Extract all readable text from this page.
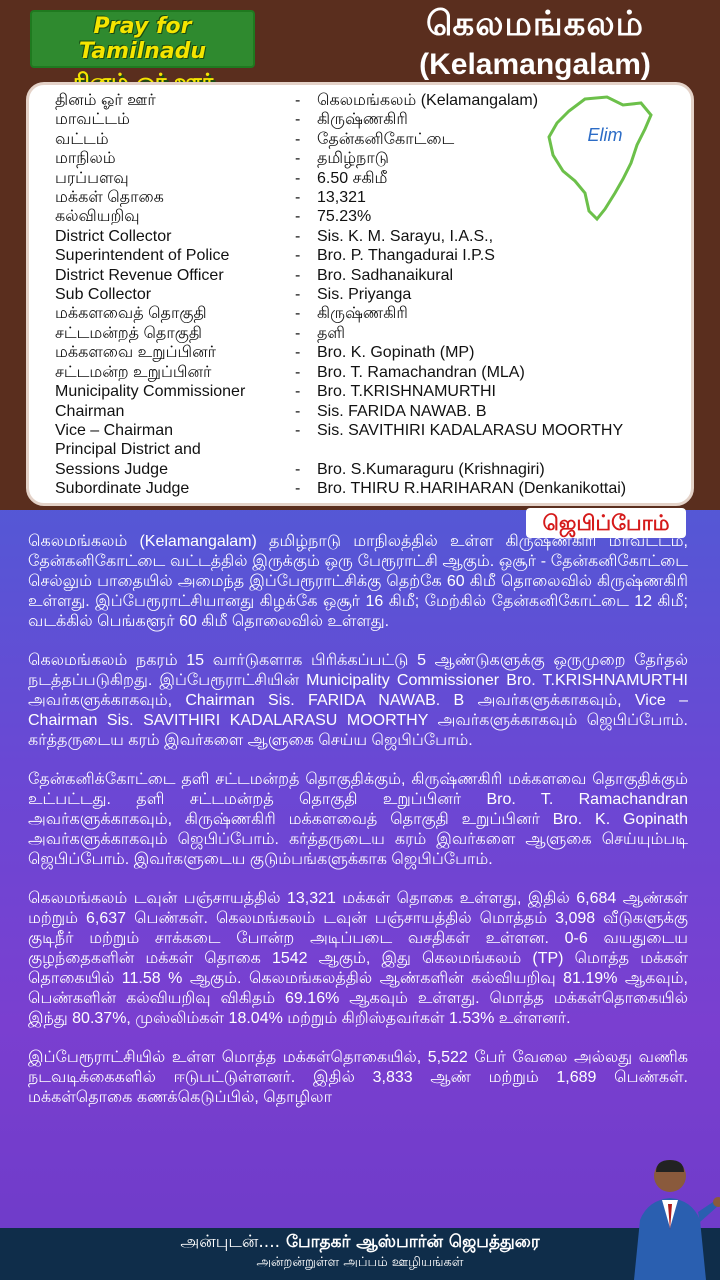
Pray for Tamilnadu
கெலமங்கலம்
(Kelamangalam)
தினம் ஓர் ஊர்	-	கெலமங்கலம் (Kelamangalam)
மாவட்டம்	-	கிருஷ்ணகிரி
வட்டம்	-	தேன்கனிகோட்டை
மாநிலம்	-	தமிழ்நாடு
பரப்பளவு	-	6.50 சகிமீ
மக்கள் தொகை	-	13,321
கல்வியறிவு	-	75.23%
District Collector	-	Sis. K. M. Sarayu, I.A.S.,
Superintendent of Police	-	Bro. P. Thangadurai I.P.S
District Revenue Officer	-	Bro. Sadhanaikural
Sub Collector	-	Sis. Priyanga
மக்களவைத் தொகுதி	-	கிருஷ்ணகிரி
சட்டமன்றத் தொகுதி	-	தளி
மக்களவை உறுப்பினர்	-	Bro. K. Gopinath (MP)
சட்டமன்ற உறுப்பினர்	-	Bro. T. Ramachandran (MLA)
Municipality Commissioner	-	Bro. T.KRISHNAMURTHI
Chairman	-	Sis. FARIDA NAWAB. B
Vice – Chairman	-	Sis. SAVITHIRI KADALARASU MOORTHY
Principal District and
Sessions Judge	-	Bro. S.Kumaraguru (Krishnagiri)
Subordinate Judge	-	Bro. THIRU R.HARIHARAN (Denkanikottai)
Elim
ஜெபிப்போம்

கெலமங்கலம் (Kelamangalam) தமிழ்நாடு மாநிலத்தில் உள்ள கிருஷ்ணகிரி மாவட்டம், தேன்கனிகோட்டை வட்டத்தில் இருக்கும் ஒரு பேரூராட்சி ஆகும். ஒசூர் - தேன்கனிகோட்டை செல்லும் பாதையில் அமைந்த இப்பேரூராட்சிக்கு தெற்கே 60 கிமீ தொலைவில் கிருஷ்ணகிரி உள்ளது. இப்பேரூராட்சியானது கிழக்கே ஒசூர் 16 கிமீ; மேற்கில் தேன்கனிகோட்டை 12 கிமீ; வடக்கில் பெங்களூர் 60 கிமீ தொலைவில் உள்ளது.

கெலமங்கலம் நகரம் 15 வார்டுகளாக பிரிக்கப்பட்டு 5 ஆண்டுகளுக்கு ஒருமுறை தேர்தல் நடத்தப்படுகிறது. இப்பேரூராட்சியின் Municipality Commissioner Bro. T.KRISHNAMURTHI அவர்களுக்காகவும், Chairman Sis. FARIDA NAWAB. B அவர்களுக்காகவும், Vice – Chairman Sis. SAVITHIRI KADALARASU MOORTHY அவர்களுக்காகவும் ஜெபிப்போம். கர்த்தருடைய கரம் இவர்களை ஆளுகை செய்ய ஜெபிப்போம்.

தேன்கனிக்கோட்டை தளி சட்டமன்றத் தொகுதிக்கும், கிருஷ்ணகிரி மக்களவை தொகுதிக்கும் உட்பட்டது. தளி சட்டமன்றத் தொகுதி உறுப்பினர் Bro. T. Ramachandran அவர்களுக்காகவும், கிருஷ்ணகிரி மக்களவைத் தொகுதி உறுப்பினர் Bro. K. Gopinath அவர்களுக்காகவும் ஜெபிப்போம். கர்த்தருடைய கரம் இவர்களை ஆளுகை செய்யும்படி ஜெபிப்போம். இவர்களுடைய குடும்பங்களுக்காக ஜெபிப்போம்.

கெலமங்கலம் டவுன் பஞ்சாயத்தில் 13,321 மக்கள் தொகை உள்ளது, இதில் 6,684 ஆண்கள் மற்றும் 6,637 பெண்கள். கெலமங்கலம் டவுன் பஞ்சாயத்தில் மொத்தம் 3,098 வீடுகளுக்கு குடிநீர் மற்றும் சாக்கடை போன்ற அடிப்படை வசதிகள் உள்ளன. 0-6 வயதுடைய குழந்தைகளின் மக்கள் தொகை 1542 ஆகும், இது கெலமங்கலம் (TP) மொத்த மக்கள் தொகையில் 11.58 % ஆகும். கெலமங்கலத்தில் ஆண்களின் கல்வியறிவு 81.19% ஆகவும், பெண்களின் கல்வியறிவு விகிதம் 69.16% ஆகவும் உள்ளது. மொத்த மக்கள்தொகையில் இந்து 80.37%, முஸ்லிம்கள் 18.04% மற்றும் கிறிஸ்தவர்கள் 1.53% உள்ளனர்.

இப்பேரூராட்சியில் உள்ள மொத்த மக்கள்தொகையில், 5,522 பேர் வேலை அல்லது வணிக நடவடிக்கைகளில் ஈடுபட்டுள்ளனர். இதில் 3,833 ஆண் மற்றும் 1,689 பெண்கள். மக்கள்தொகை கணக்கெடுப்பில், தொழிலா

அன்புடன்.... போதகர் ஆஸ்பார்ன் ஜெபத்துரை
அன்றன்றுள்ள அப்பம் ஊழியங்கள்
